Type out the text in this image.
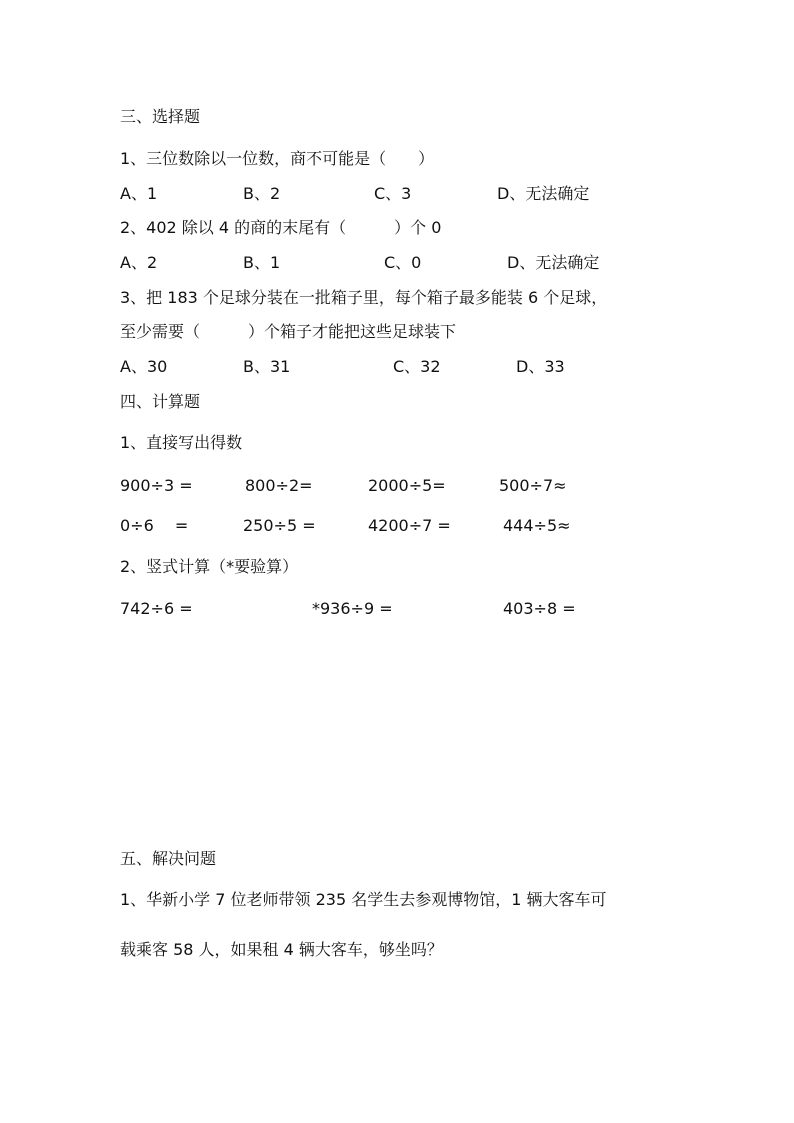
三、选择题
1、三位数除以一位数，商不可能是（　　）
A、1	B、2	C、3	D、无法确定
2、402 除以 4 的商的末尾有（　　　）个 0
A、2	B、1	C、0	D、无法确定
3、把 183 个足球分装在一批箱子里，每个箱子最多能装 6 个足球，
至少需要（　　　）个箱子才能把这些足球装下
A、30	B、31	C、32	D、33
四、计算题
1、直接写出得数
900÷3 =	800÷2=	2000÷5=	500÷7≈
0÷6　 =	250÷5 =	4200÷7 =	444÷5≈
2、竖式计算（*要验算）
742÷6 =	*936÷9 =	403÷8 =
五、解决问题
1、华新小学 7 位老师带领 235 名学生去参观博物馆，1 辆大客车可
载乘客 58 人，如果租 4 辆大客车，够坐吗？
